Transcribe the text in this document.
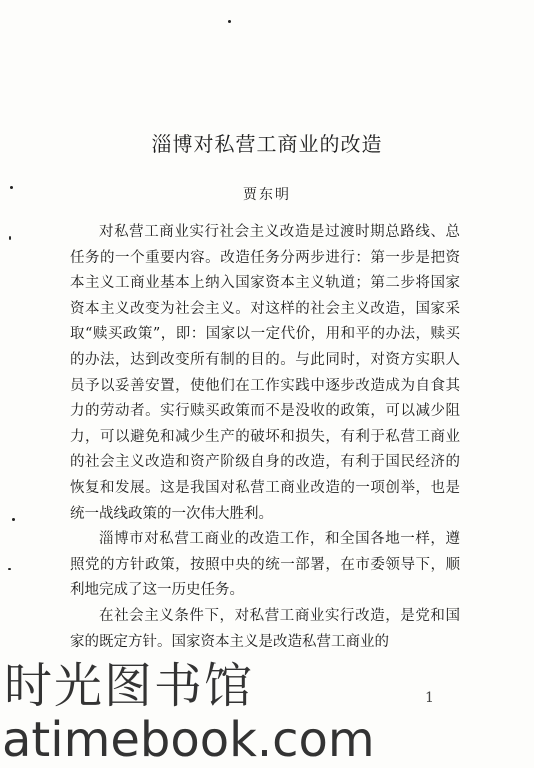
淄博对私营工商业的改造
贾东明

对私营工商业实行社会主义改造是过渡时期总路线、总任务的一个重要内容。改造任务分两步进行：第一步是把资本主义工商业基本上纳入国家资本主义轨道；第二步将国家资本主义改变为社会主义。对这样的社会主义改造，国家采取“赎买政策”，即：国家以一定代价，用和平的办法，赎买的办法，达到改变所有制的目的。与此同时，对资方实职人员予以妥善安置，使他们在工作实践中逐步改造成为自食其力的劳动者。实行赎买政策而不是没收的政策，可以减少阻力，可以避免和减少生产的破坏和损失，有利于私营工商业的社会主义改造和资产阶级自身的改造，有利于国民经济的恢复和发展。这是我国对私营工商业改造的一项创举，也是统一战线政策的一次伟大胜利。

淄博市对私营工商业的改造工作，和全国各地一样，遵照党的方针政策，按照中央的统一部署，在市委领导下，顺利地完成了这一历史任务。

在社会主义条件下，对私营工商业实行改造，是党和国家的既定方针。国家资本主义是改造私营工商业的

1
时光图书馆
atimebook.com
